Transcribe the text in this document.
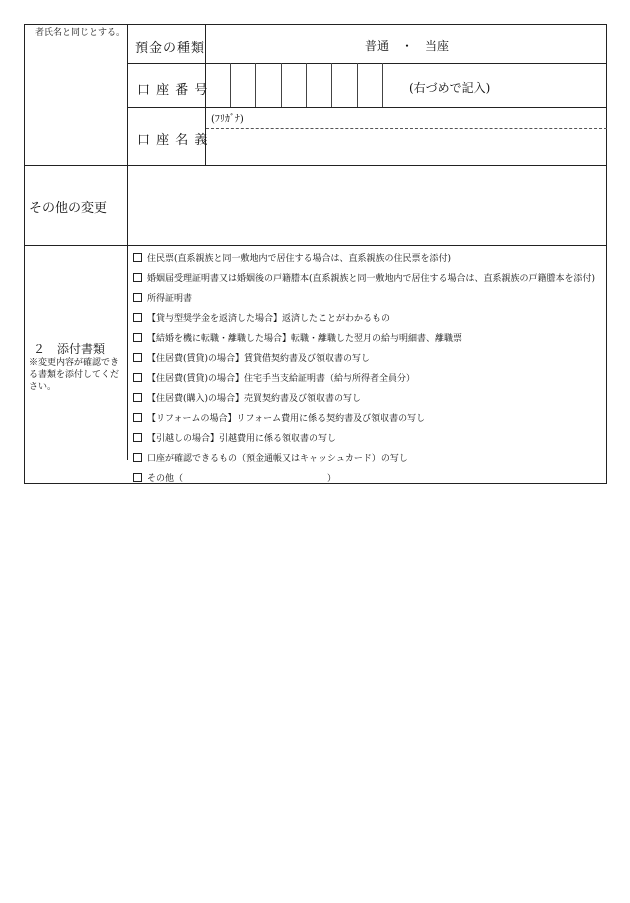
者氏名と同じとする。
預金の種類	普通　・　当座
口 座 番 号	(右づめで記入)
口 座 名 義
(ﾌﾘｶﾞﾅ)
その他の変更
２　添付書類
※変更内容が確認できる書類を添付してください。
住民票(直系親族と同一敷地内で居住する場合は、直系親族の住民票を添付)
婚姻届受理証明書又は婚姻後の戸籍謄本(直系親族と同一敷地内で居住する場合は、直系親族の戸籍謄本を添付)
所得証明書
【貸与型奨学金を返済した場合】返済したことがわかるもの
【結婚を機に転職・離職した場合】転職・離職した翌月の給与明細書、離職票
【住居費(賃貸)の場合】賃貸借契約書及び領収書の写し
【住居費(賃貸)の場合】住宅手当支給証明書（給与所得者全員分）
【住居費(購入)の場合】売買契約書及び領収書の写し
【リフォームの場合】リフォーム費用に係る契約書及び領収書の写し
【引越しの場合】引越費用に係る領収書の写し
口座が確認できるもの（預金通帳又はキャッシュカード）の写し
その他（　　　　　　　　　　　　　　　　）
